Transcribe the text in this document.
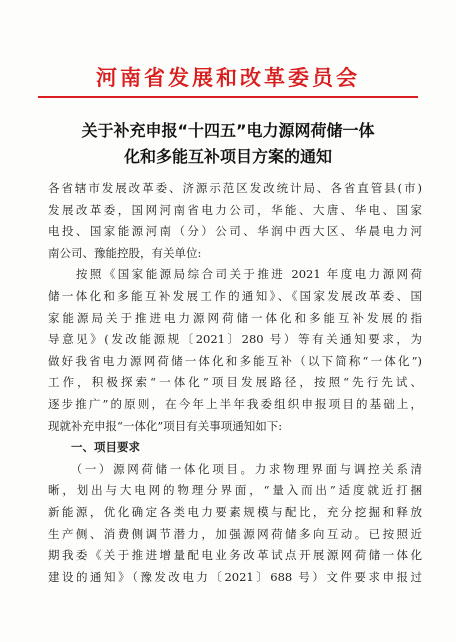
河南省发展和改革委员会
关于补充申报“十四五”电力源网荷储一体
化和多能互补项目方案的通知
各省辖市发展改革委、济源示范区发改统计局、各省直管县(市)
发展改革委，国网河南省电力公司，华能、大唐、华电、国家
电投、国家能源河南（分）公司、华润中西大区、华晨电力河
南公司、豫能控股，有关单位:
　　按照《国家能源局综合司关于推进 2021 年度电力源网荷
储一体化和多能互补发展工作的通知》、《国家发展改革委、国
家能源局关于推进电力源网荷储一体化和多能互补发展的指
导意见》(发改能源规〔2021〕280 号）等有关通知要求，为
做好我省电力源网荷储一体化和多能互补（以下简称“一体化”)
工作，积极探索“一体化”项目发展路径，按照“先行先试、
逐步推广”的原则，在今年上半年我委组织申报项目的基础上，
现就补充申报“一体化”项目有关事项通知如下:
　　一、项目要求
　　（一）源网荷储一体化项目。力求物理界面与调控关系清
晰，划出与大电网的物理分界面，“量入而出”适度就近打捆
新能源，优化确定各类电力要素规模与配比，充分挖掘和释放
生产侧、消费侧调节潜力，加强源网荷储多向互动。已按照近
期我委《关于推进增量配电业务改革试点开展源网荷储一体化
建设的通知》（豫发改电力〔2021〕688 号）文件要求申报过
